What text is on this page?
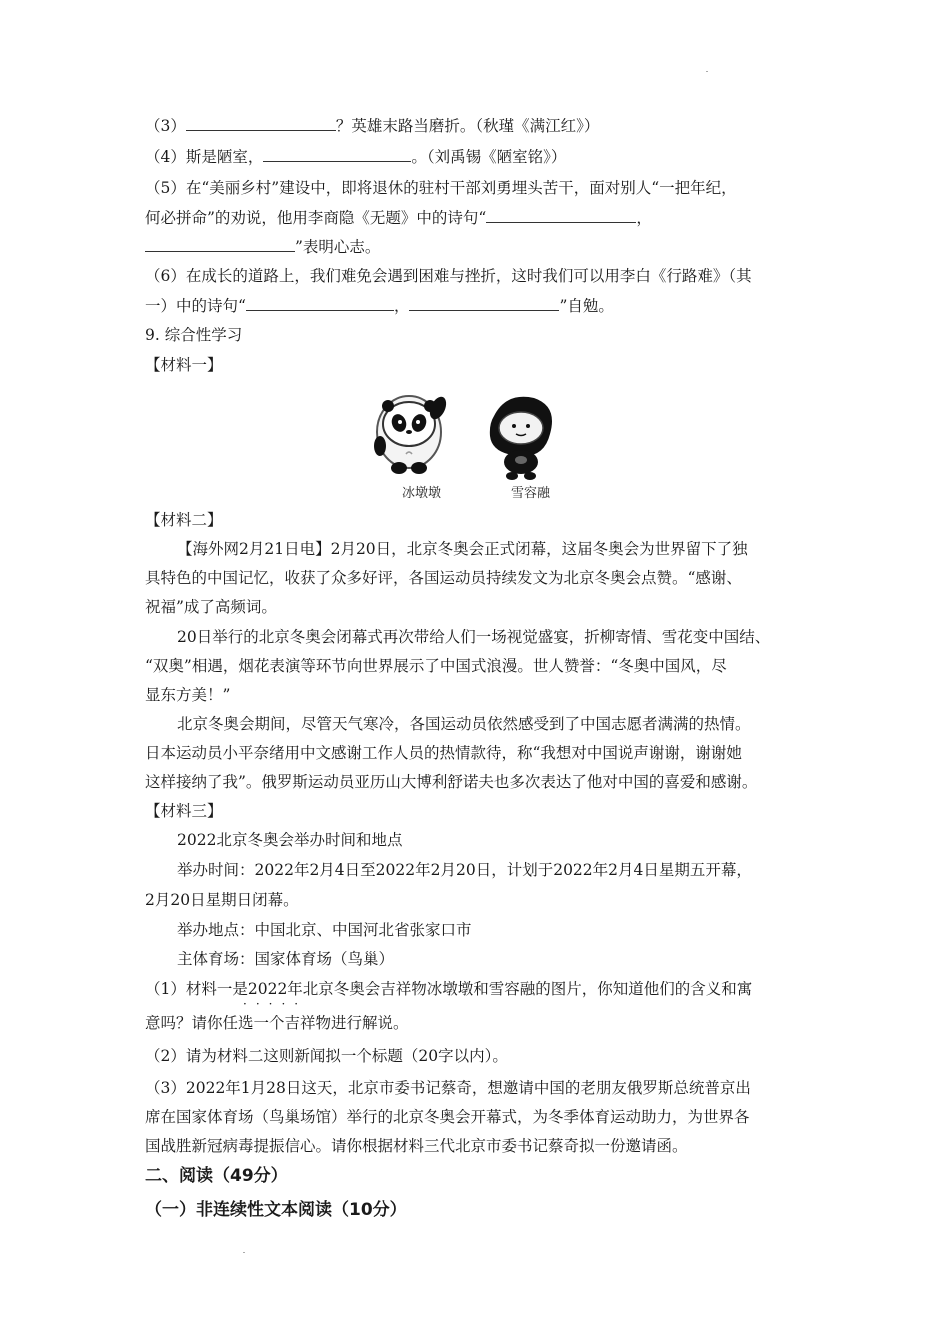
（3）	？英雄末路当磨折。（秋瑾《满江红》）
（4）斯是陋室，	。（刘禹锡《陋室铭》）
（5）在“美丽乡村”建设中，即将退休的驻村干部刘勇埋头苦干，面对别人“一把年纪，
何必拼命”的劝说，他用李商隐《无题》中的诗句“	，
”表明心志。
（6）在成长的道路上，我们难免会遇到困难与挫折，这时我们可以用李白《行路难》（其
一）中的诗句“	，	”自勉。
9. 综合性学习
【材料一】
冰墩墩	雪容融
【材料二】
【海外网2月21日电】2月20日，北京冬奥会正式闭幕，这届冬奥会为世界留下了独
具特色的中国记忆，收获了众多好评，各国运动员持续发文为北京冬奥会点赞。“感谢、
祝福”成了高频词。
20日举行的北京冬奥会闭幕式再次带给人们一场视觉盛宴，折柳寄情、雪花变中国结、
“双奥”相遇，烟花表演等环节向世界展示了中国式浪漫。世人赞誉：“冬奥中国风，尽
显东方美！”
北京冬奥会期间，尽管天气寒冷，各国运动员依然感受到了中国志愿者满满的热情。
日本运动员小平奈绪用中文感谢工作人员的热情款待，称“我想对中国说声谢谢，谢谢她
这样接纳了我”。俄罗斯运动员亚历山大博利舒诺夫也多次表达了他对中国的喜爱和感谢。
【材料三】
2022北京冬奥会举办时间和地点
举办时间：2022年2月4日至2022年2月20日，计划于2022年2月4日星期五开幕，
2月20日星期日闭幕。
举办地点：中国北京、中国河北省张家口市
主体育场：国家体育场（鸟巢）
（1）材料一是2022年北京冬奥会吉祥物冰墩墩和雪容融的图片，你知道他们的含义和寓
·····
意吗？请你任选一个吉祥物进行解说。
（2）请为材料二这则新闻拟一个标题（20字以内）。
（3）2022年1月28日这天，北京市委书记蔡奇，想邀请中国的老朋友俄罗斯总统普京出
席在国家体育场（鸟巢场馆）举行的北京冬奥会开幕式，为冬季体育运动助力，为世界各
国战胜新冠病毒提振信心。请你根据材料三代北京市委书记蔡奇拟一份邀请函。
二、阅读（49分）
（一）非连续性文本阅读（10分）
